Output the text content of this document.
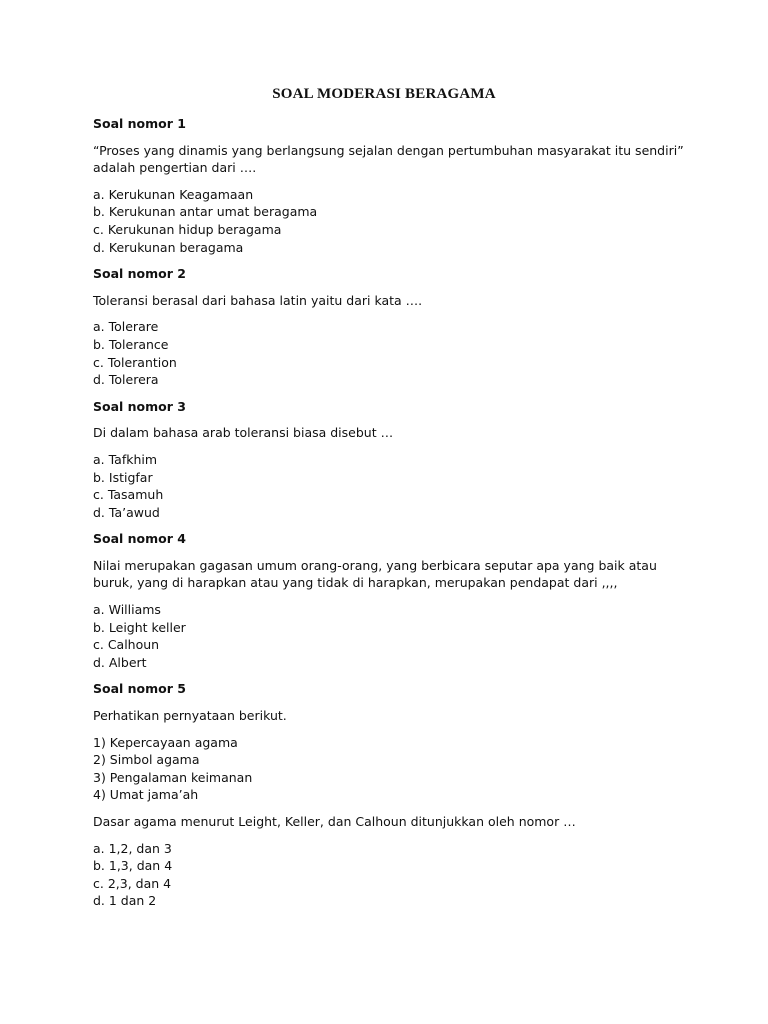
SOAL MODERASI BERAGAMA

Soal nomor 1

“Proses yang dinamis yang berlangsung sejalan dengan pertumbuhan masyarakat itu sendiri” adalah pengertian dari ….

a. Kerukunan Keagamaan
b. Kerukunan antar umat beragama
c. Kerukunan hidup beragama
d. Kerukunan beragama

Soal nomor 2

Toleransi berasal dari bahasa latin yaitu dari kata ….

a. Tolerare
b. Tolerance
c. Tolerantion
d. Tolerera

Soal nomor 3

Di dalam bahasa arab toleransi biasa disebut …

a. Tafkhim
b. Istigfar
c. Tasamuh
d. Ta’awud

Soal nomor 4

Nilai merupakan gagasan umum orang-orang, yang berbicara seputar apa yang baik atau buruk, yang di harapkan atau yang tidak di harapkan, merupakan pendapat dari ,,,,

a. Williams
b. Leight keller
c. Calhoun
d. Albert

Soal nomor 5

Perhatikan pernyataan berikut.

1) Kepercayaan agama
2) Simbol agama
3) Pengalaman keimanan
4) Umat jama’ah

Dasar agama menurut Leight, Keller, dan Calhoun ditunjukkan oleh nomor …

a. 1,2, dan 3
b. 1,3, dan 4
c. 2,3, dan 4
d. 1 dan 2
